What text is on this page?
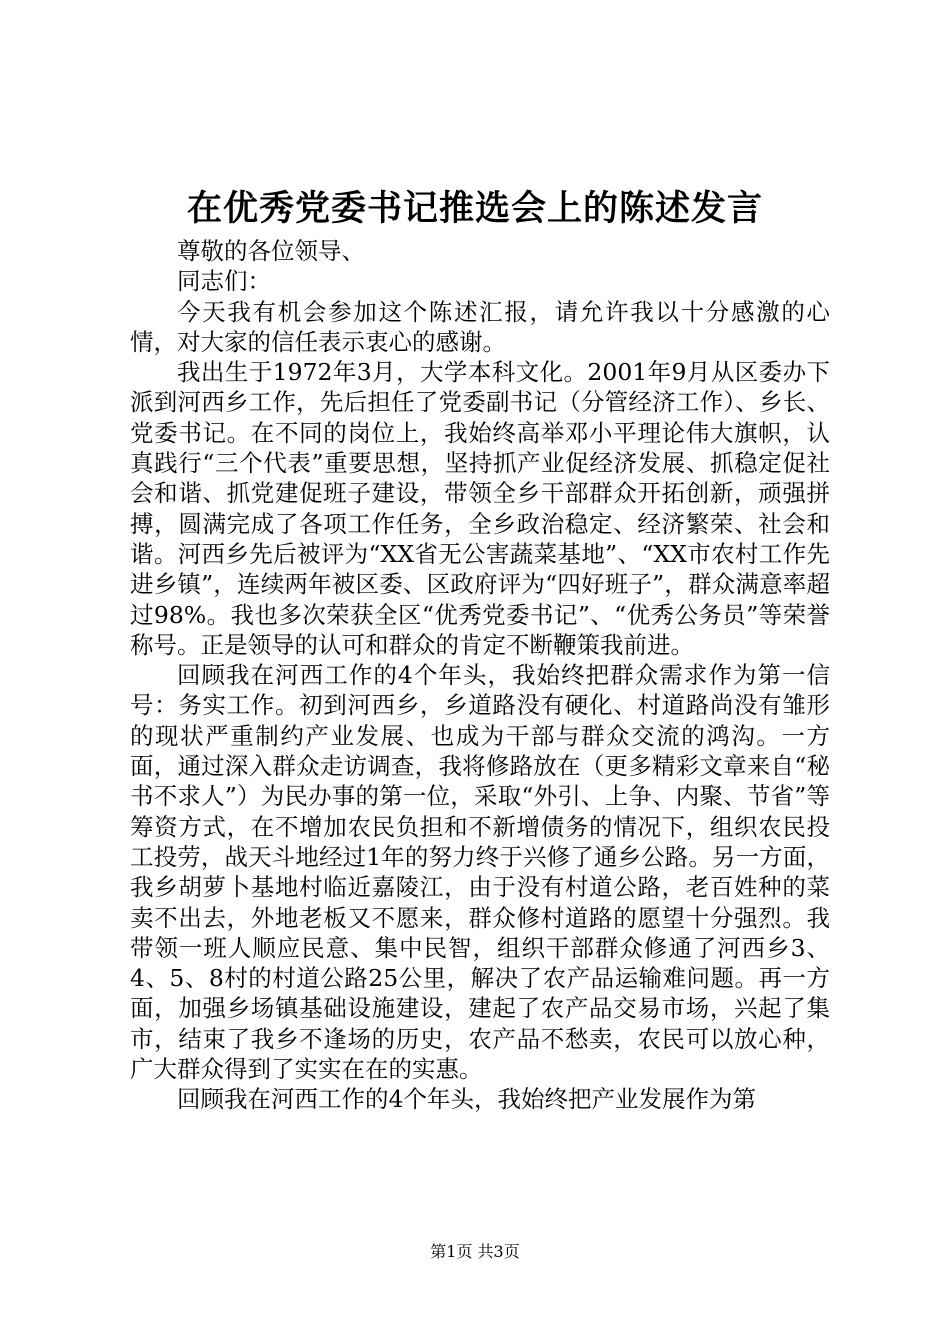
在优秀党委书记推选会上的陈述发言

尊敬的各位领导、

同志们：

今天我有机会参加这个陈述汇报，请允许我以十分感激的心情，对大家的信任表示衷心的感谢。

我出生于1972年3月，大学本科文化。2001年9月从区委办下派到河西乡工作，先后担任了党委副书记（分管经济工作）、乡长、党委书记。在不同的岗位上，我始终高举邓小平理论伟大旗帜，认真践行“三个代表”重要思想，坚持抓产业促经济发展、抓稳定促社会和谐、抓党建促班子建设，带领全乡干部群众开拓创新，顽强拼搏，圆满完成了各项工作任务，全乡政治稳定、经济繁荣、社会和谐。河西乡先后被评为“XX省无公害蔬菜基地”、“XX市农村工作先进乡镇”，连续两年被区委、区政府评为“四好班子”，群众满意率超过98%。我也多次荣获全区“优秀党委书记”、“优秀公务员”等荣誉称号。正是领导的认可和群众的肯定不断鞭策我前进。

回顾我在河西工作的4个年头，我始终把群众需求作为第一信号：务实工作。初到河西乡，乡道路没有硬化、村道路尚没有雏形的现状严重制约产业发展、也成为干部与群众交流的鸿沟。一方面，通过深入群众走访调查，我将修路放在（更多精彩文章来自“秘书不求人”）为民办事的第一位，采取“外引、上争、内聚、节省”等筹资方式，在不增加农民负担和不新增债务的情况下，组织农民投工投劳，战天斗地经过1年的努力终于兴修了通乡公路。另一方面，我乡胡萝卜基地村临近嘉陵江，由于没有村道公路，老百姓种的菜卖不出去，外地老板又不愿来，群众修村道路的愿望十分强烈。我带领一班人顺应民意、集中民智，组织干部群众修通了河西乡3、4、5、8村的村道公路25公里，解决了农产品运输难问题。再一方面，加强乡场镇基础设施建设，建起了农产品交易市场，兴起了集市，结束了我乡不逢场的历史，农产品不愁卖，农民可以放心种，广大群众得到了实实在在的实惠。

回顾我在河西工作的4个年头，我始终把产业发展作为第

第1页 共3页
